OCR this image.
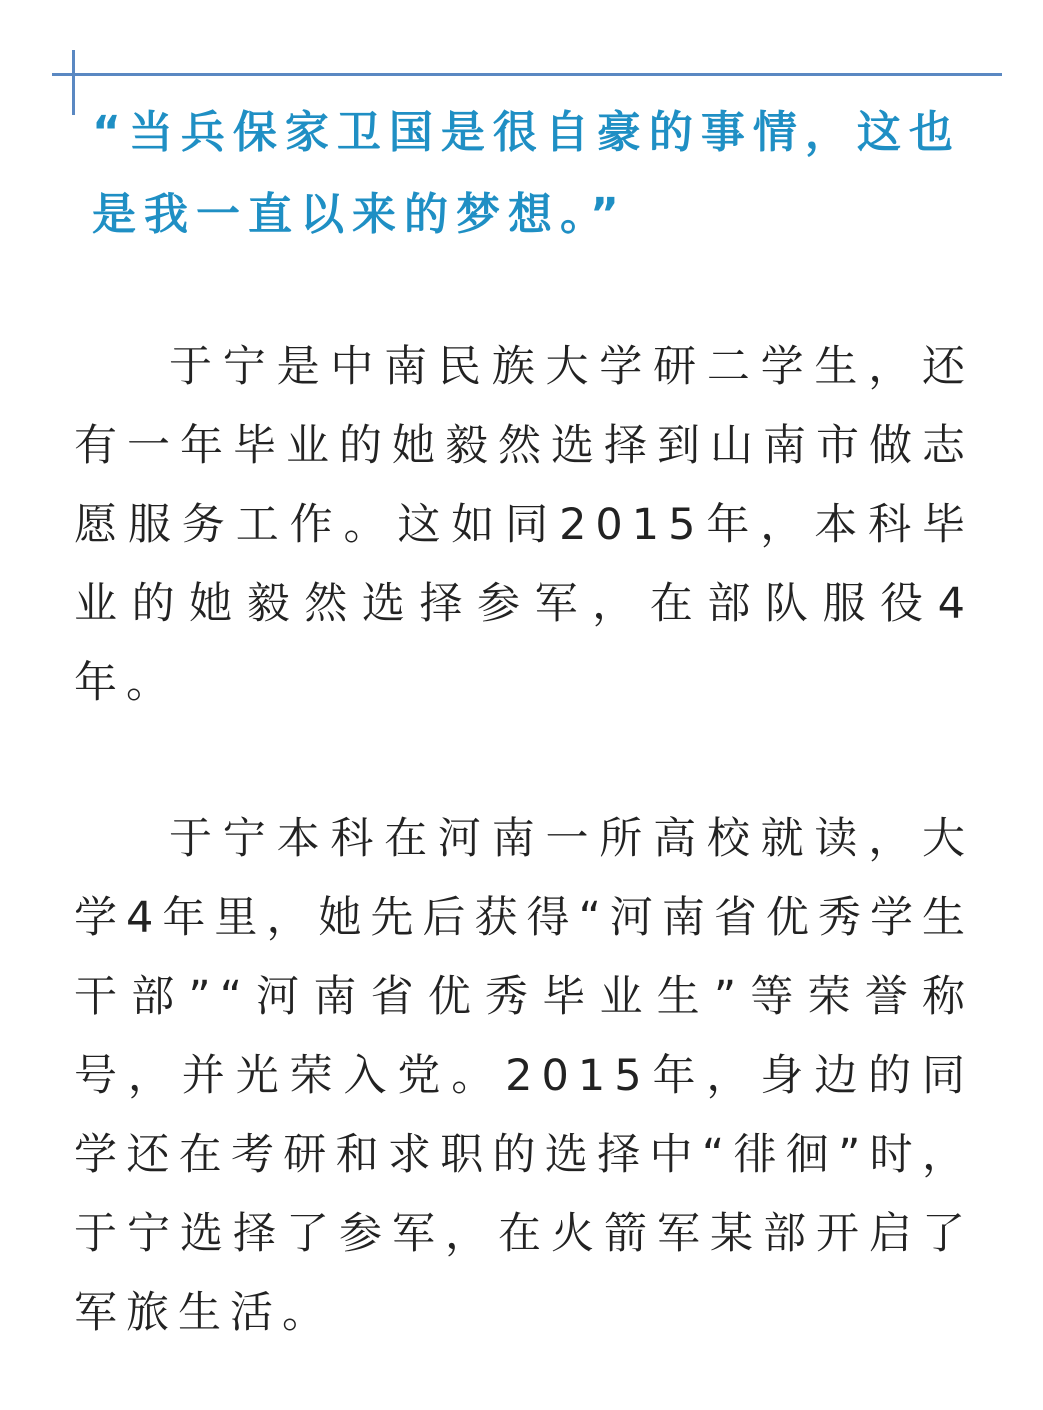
“当兵保家卫国是很自豪的事情，这也是我一直以来的梦想。”

于宁是中南民族大学研二学生，还有一年毕业的她毅然选择到山南市做志愿服务工作。这如同2015年，本科毕业的她毅然选择参军，在部队服役4年。

于宁本科在河南一所高校就读，大学4年里，她先后获得“河南省优秀学生干部”“河南省优秀毕业生”等荣誉称号，并光荣入党。2015年，身边的同学还在考研和求职的选择中“徘徊”时，于宁选择了参军，在火箭军某部开启了军旅生活。
